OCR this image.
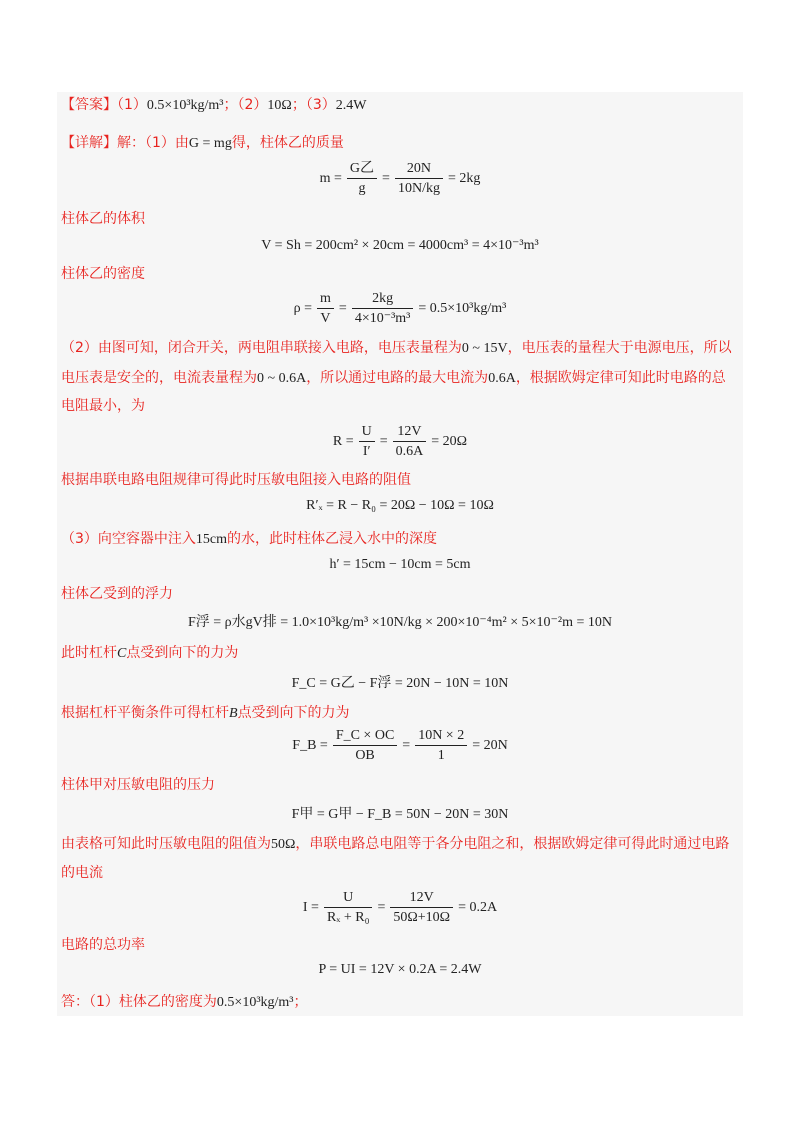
【答案】（1）0.5×10³kg/m³；（2）10Ω；（3）2.4W
【详解】解：（1）由G = mg得，柱体乙的质量
$m = \frac{\text{G乙}}{g} = \frac{20N}{10N/kg} = 2kg$
柱体乙的体积
V = Sh = 200cm² × 20cm = 4000cm³ = 4×10⁻³m³
柱体乙的密度
$\rho = \frac{m}{V} = \frac{2kg}{\text{4×10⁻³m³}} = 0.5\times 10^3kg/m^3$
（2）由图可知，闭合开关，两电阻串联接入电路，电压表量程为0 ~ 15V，电压表的量程大于电源电压，所以
电压表是安全的，电流表量程为0 ~ 0.6A，所以通过电路的最大电流为0.6A，根据欧姆定律可知此时电路的总
电阻最小，为
$R = \frac{U}{I'} = \frac{12V}{0.6A} = 20\Omega$
根据串联电路电阻规律可得此时压敏电阻接入电路的阻值
R′ₓ = R − R₀ = 20Ω − 10Ω = 10Ω
（3）向空容器中注入15cm的水，此时柱体乙浸入水中的深度
h′ = 15cm − 10cm = 5cm
柱体乙受到的浮力
F浮 = ρ水gV排 = 1.0×10³kg/m³ ×10N/kg × 200×10⁻⁴m² × 5×10⁻²m = 10N
此时杠杆C点受到向下的力为
F_C = G乙 − F浮 = 20N − 10N = 10N
根据杠杆平衡条件可得杠杆B点受到向下的力为
F_B = $\frac{F\_C \times OC}{OB} = \frac{10N \times 2}{1} = 20N$
柱体甲对压敏电阻的压力
F甲 = G甲 − F_B = 50N − 20N = 30N
由表格可知此时压敏电阻的阻值为50Ω，串联电路总电阻等于各分电阻之和，根据欧姆定律可得此时通过电路
的电流
$I = \frac{U}{\text{Rₓ + R₀}} = \frac{12V}{50\Omega+10\Omega} = 0.2A$
电路的总功率
P = UI = 12V × 0.2A = 2.4W
答：（1）柱体乙的密度为0.5×10³kg/m³；
